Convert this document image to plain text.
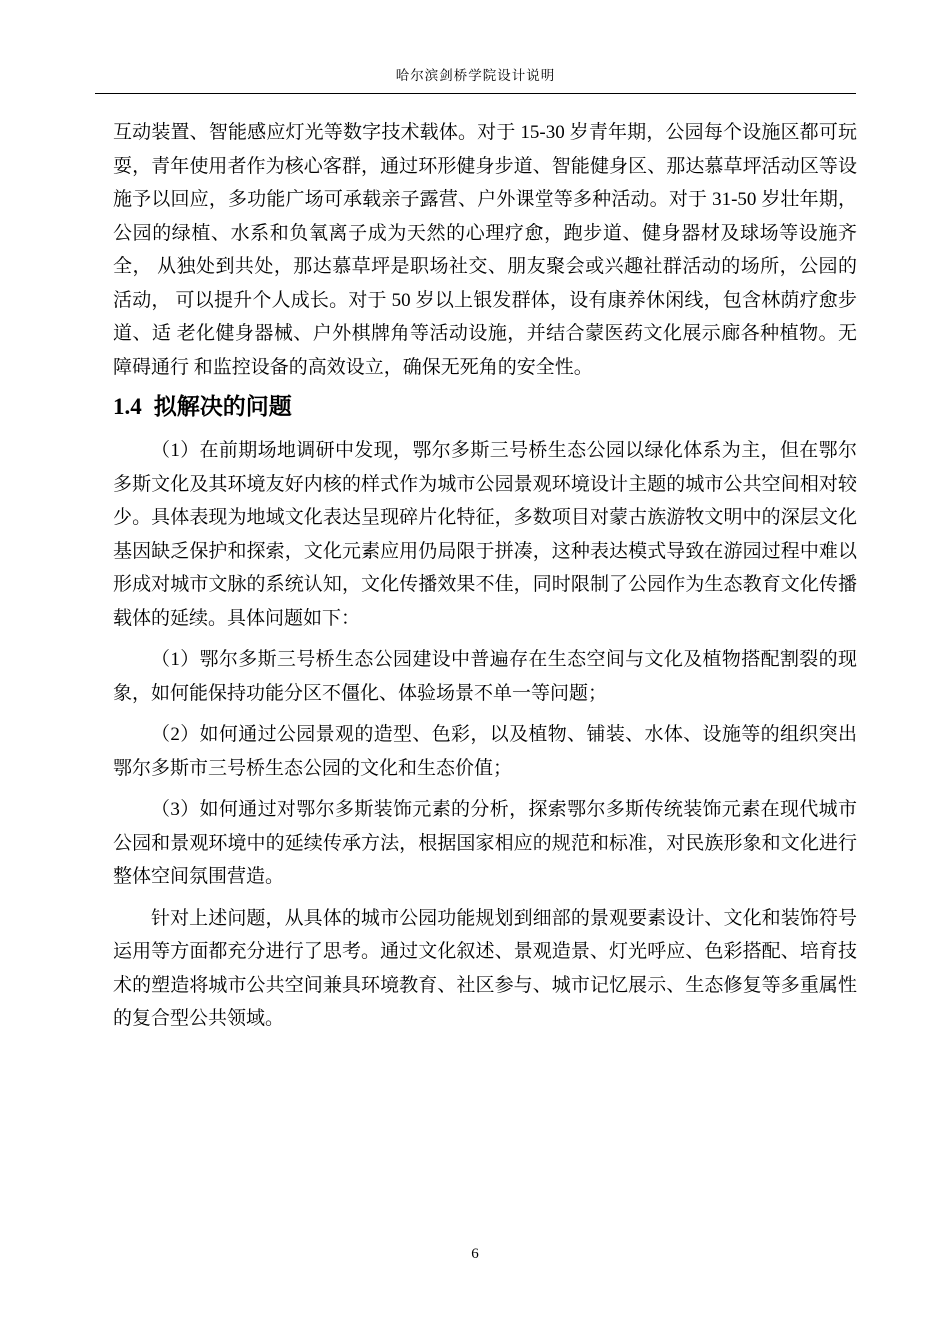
哈尔滨剑桥学院设计说明

互动装置、智能感应灯光等数字技术载体。对于 15-30 岁青年期，公园每个设施区都可玩耍，青年使用者作为核心客群，通过环形健身步道、智能健身区、那达慕草坪活动区等设施予以回应，多功能广场可承载亲子露营、户外课堂等多种活动。对于 31-50 岁壮年期， 公园的绿植、水系和负氧离子成为天然的心理疗愈，跑步道、健身器材及球场等设施齐全， 从独处到共处，那达慕草坪是职场社交、朋友聚会或兴趣社群活动的场所，公园的活动， 可以提升个人成长。对于 50 岁以上银发群体，设有康养休闲线，包含林荫疗愈步道、适 老化健身器械、户外棋牌角等活动设施，并结合蒙医药文化展示廊各种植物。无障碍通行 和监控设备的高效设立，确保无死角的安全性。

1.4 拟解决的问题

（1）在前期场地调研中发现，鄂尔多斯三号桥生态公园以绿化体系为主，但在鄂尔多斯文化及其环境友好内核的样式作为城市公园景观环境设计主题的城市公共空间相对较少。具体表现为地域文化表达呈现碎片化特征，多数项目对蒙古族游牧文明中的深层文化基因缺乏保护和探索，文化元素应用仍局限于拼凑，这种表达模式导致在游园过程中难以形成对城市文脉的系统认知，文化传播效果不佳，同时限制了公园作为生态教育文化传播载体的延续。具体问题如下：

（1）鄂尔多斯三号桥生态公园建设中普遍存在生态空间与文化及植物搭配割裂的现象，如何能保持功能分区不僵化、体验场景不单一等问题；

（2）如何通过公园景观的造型、色彩，以及植物、铺装、水体、设施等的组织突出鄂尔多斯市三号桥生态公园的文化和生态价值；

（3）如何通过对鄂尔多斯装饰元素的分析，探索鄂尔多斯传统装饰元素在现代城市公园和景观环境中的延续传承方法，根据国家相应的规范和标准，对民族形象和文化进行整体空间氛围营造。

针对上述问题，从具体的城市公园功能规划到细部的景观要素设计、文化和装饰符号运用等方面都充分进行了思考。通过文化叙述、景观造景、灯光呼应、色彩搭配、培育技术的塑造将城市公共空间兼具环境教育、社区参与、城市记忆展示、生态修复等多重属性的复合型公共领域。

6
